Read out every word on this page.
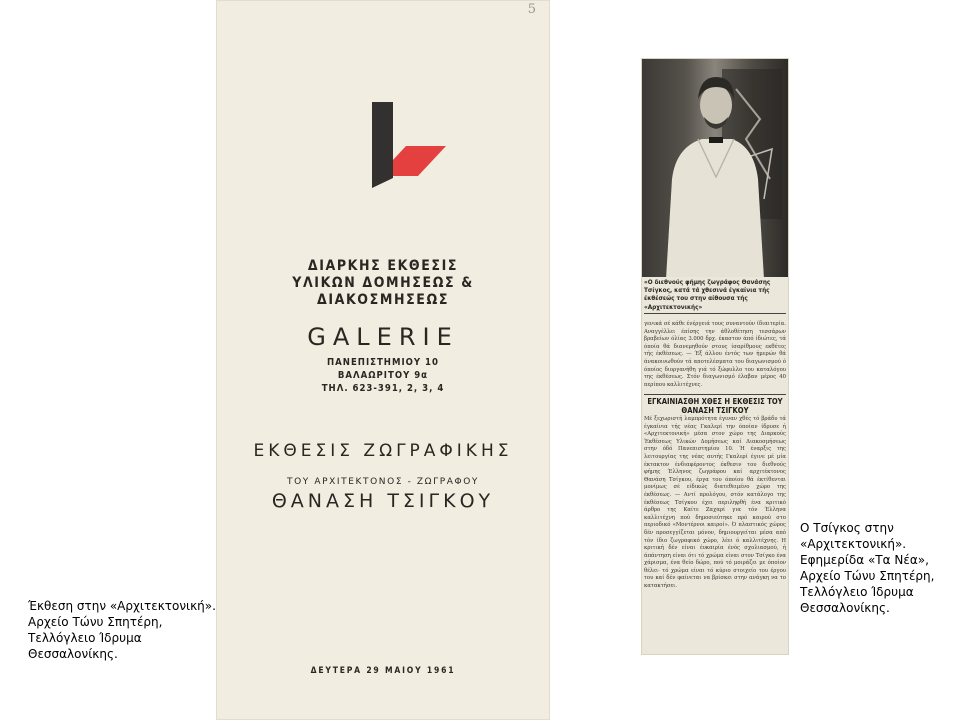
5
ΔΙΑΡΚΗΣ ΕΚΘΕΣΙΣ
ΥΛΙΚΩΝ ΔΟΜΗΣΕΩΣ &
ΔΙΑΚΟΣΜΗΣΕΩΣ
GALERIE
ΠΑΝΕΠΙΣΤΗΜΙΟΥ 10
ΒΑΛΑΩΡΙΤΟΥ 9α
ΤΗΛ. 623-391, 2, 3, 4
ΕΚΘΕΣΙΣ ΖΩΓΡΑΦΙΚΗΣ
ΤΟΥ ΑΡΧΙΤΕΚΤΟΝΟΣ - ΖΩΓΡΑΦΟΥ
ΘΑΝΑΣΗ ΤΣΙΓΚΟΥ
ΔΕΥΤΕΡΑ 29 ΜΑΙΟΥ 1961
«Ο διεθνούς φήμης ζωγράφος Θανάσης Τσίγκος, κατά τά χθεσινά έγκαίνια τής έκθέσεώς του στην αίθουσα τής «Αρχιτεκτονικής»
γενικά σέ κάθε ένέργειά τους συναντούν ίδιαιτερία. Αναγγέλλει έπίσης την άθλοθέτηση τεσσάρων βραβείων όλίας 3.000 δρχ. έκαστον άπό ίδιώτες, τά όποία θά διανεμηθούν στους ίσαρίθμους εκθέτες τής έκθέσεως. — Έξ άλλου έντός των ήμερών θά άνακοινωθούν τά αποτελέσματα του διαγωνισμού ό όποίος διοργανήθη γιά τό ξώφυλλο του καταλόγου της έκθέσεως. Στόν διαγωνισμό έλαβαν μέρος 40 περίπου καλλιτέχνες.
ΕΓΚΑΙΝΙΑΣΘΗ ΧΘΕΣ Η ΕΚΘΕΣΙΣ ΤΟΥ ΘΑΝΑΣΗ ΤΣΙΓΚΟΥ
Μέ ξεχωριστή λαμπρότητα έγιναν χθές τό βράδυ τά έγκαίνια τής νέας Γκαλερί την όποίαν ίδρυσε ή «Αρχιτεκτονική» μέσα στον χώρο της Διαρκούς Έκθέσεως Υλικών Δομήσεως καί Διακοσμήσεως στην όδό Πανεπιστημίου 10. Ή έναρξις της λειτουργίας της νέας αυτής Γκαλερί έγινε μέ μία έκτακτον ένδιαφέροντος έκθεσιν του διεθνούς φήμης Έλληνος ζωγράφου καί αρχιτέκτονος Θανάση Τσίγκου, έργα του όποίου θά έκτίθενται μονίμως σέ είδικώς διατεθειμένο χώρο της έκθέσεως. — Αντί προλόγου, στόν κατάλογο της έκθέσεως Τσίγκου έχει περιληφθή ένα κριτικό άρθρο της Καίτε Ζαχαρί για τόν Έλληνα καλλιτέχνη πού δημοσιεύτηκε πρό καιρού στο περιοδικό «Μοντέρνοι καιροί». Ό πλαστικός χώρος δέν προσεγγίζεται μόνον, δημιουργείται μέσα από τόν ίδιο ζωγραφικό χώρο, λέει ό καλλιτέχνης. Η κριτική δέν είναι έυκαιρία ένός σχολιασμού, ή άπάντηση είναι ότι τό χρώμα είναι στον Τσίγκο ένα χάρισμα, ένα θείο δώρο, πού τό μοιράζει με όποίον θέλει· τό χρώμα είναι τό κύριο στοιχείο του έργου του καί δέν φαίνεται να βρίσκει στην ανάγκη να το κατακτήσει.
Έκθεση στην «Αρχιτεκτονική». Αρχείο Τώνυ Σπητέρη, Τελλόγλειο Ίδρυμα Θεσσαλονίκης.
Ο Τσίγκος στην «Αρχιτεκτονική». Εφημερίδα «Τα Νέα», Αρχείο Τώνυ Σπητέρη, Τελλόγλειο Ίδρυμα Θεσσαλονίκης.
